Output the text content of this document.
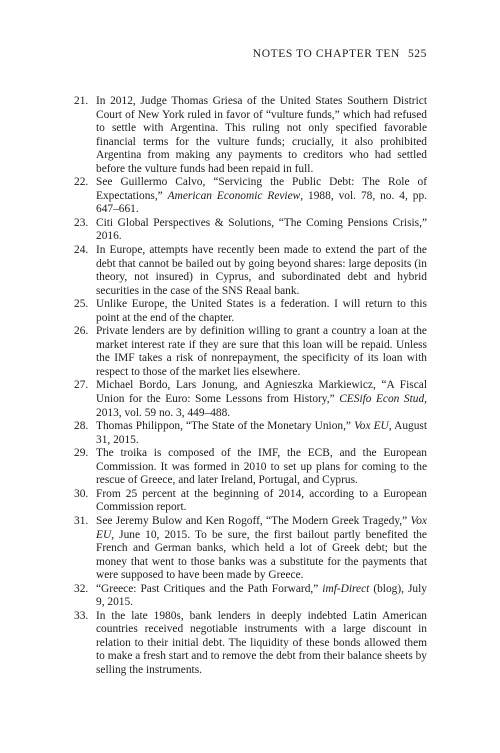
NOTES TO CHAPTER TEN 525
21. In 2012, Judge Thomas Griesa of the United States Southern District Court of New York ruled in favor of “vulture funds,” which had refused to settle with Argentina. This ruling not only specified favorable financial terms for the vulture funds; crucially, it also prohibited Argentina from making any payments to creditors who had settled before the vulture funds had been repaid in full.
22. See Guillermo Calvo, “Servicing the Public Debt: The Role of Expectations,” American Economic Review, 1988, vol. 78, no. 4, pp. 647–661.
23. Citi Global Perspectives & Solutions, “The Coming Pensions Crisis,” 2016.
24. In Europe, attempts have recently been made to extend the part of the debt that cannot be bailed out by going beyond shares: large deposits (in theory, not insured) in Cyprus, and subordinated debt and hybrid securities in the case of the SNS Reaal bank.
25. Unlike Europe, the United States is a federation. I will return to this point at the end of the chapter.
26. Private lenders are by definition willing to grant a country a loan at the market interest rate if they are sure that this loan will be repaid. Unless the IMF takes a risk of nonrepayment, the specificity of its loan with respect to those of the market lies elsewhere.
27. Michael Bordo, Lars Jonung, and Agnieszka Markiewicz, “A Fiscal Union for the Euro: Some Lessons from History,” CESifo Econ Stud, 2013, vol. 59 no. 3, 449–488.
28. Thomas Philippon, “The State of the Monetary Union,” Vox EU, August 31, 2015.
29. The troika is composed of the IMF, the ECB, and the European Commission. It was formed in 2010 to set up plans for coming to the rescue of Greece, and later Ireland, Portugal, and Cyprus.
30. From 25 percent at the beginning of 2014, according to a European Commission report.
31. See Jeremy Bulow and Ken Rogoff, “The Modern Greek Tragedy,” Vox EU, June 10, 2015. To be sure, the first bailout partly benefited the French and German banks, which held a lot of Greek debt; but the money that went to those banks was a substitute for the payments that were supposed to have been made by Greece.
32. “Greece: Past Critiques and the Path Forward,” imf-Direct (blog), July 9, 2015.
33. In the late 1980s, bank lenders in deeply indebted Latin American countries received negotiable instruments with a large discount in relation to their initial debt. The liquidity of these bonds allowed them to make a fresh start and to remove the debt from their balance sheets by selling the instruments.
